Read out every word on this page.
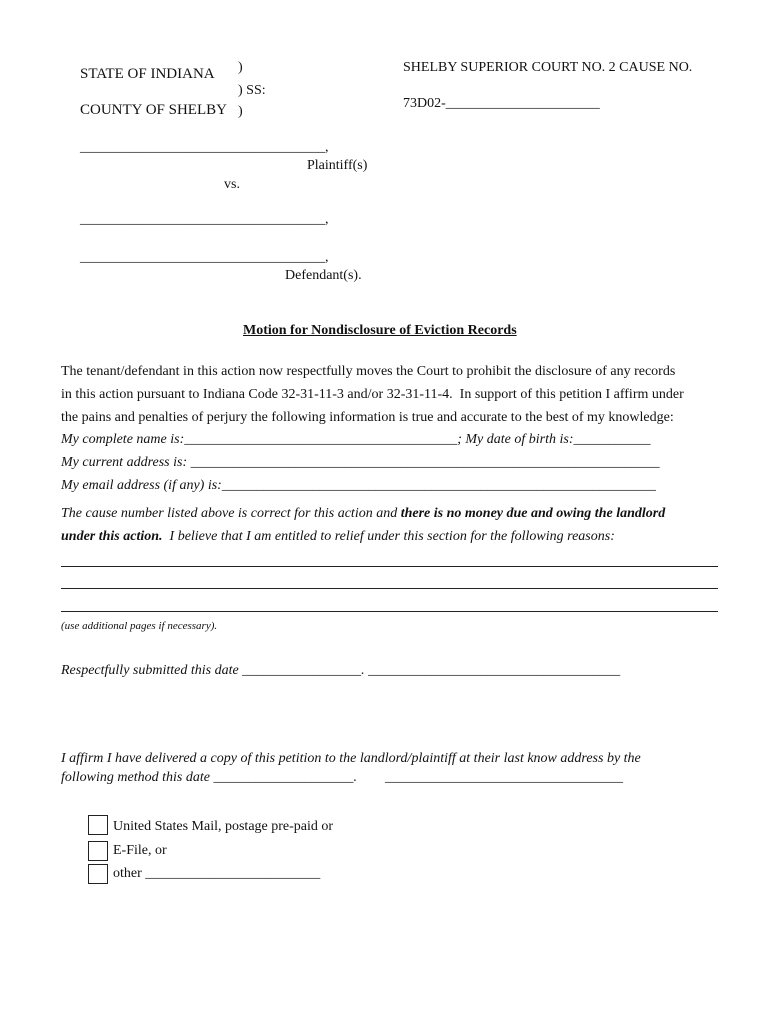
STATE OF INDIANA
COUNTY OF SHELBY
)
) SS:
)
SHELBY SUPERIOR COURT NO. 2 CAUSE NO.
73D02-______________________
___________________________________,
Plaintiff(s)
vs.
___________________________________,
___________________________________,
Defendant(s).
Motion for Nondisclosure of Eviction Records
The tenant/defendant in this action now respectfully moves the Court to prohibit the disclosure of any records
in this action pursuant to Indiana Code 32-31-11-3 and/or 32-31-11-4.  In support of this petition I affirm under
the pains and penalties of perjury the following information is true and accurate to the best of my knowledge:
My complete name is:_______________________________________; My date of birth is:___________
My current address is: ___________________________________________________________________
My email address (if any) is:______________________________________________________________
The cause number listed above is correct for this action and there is no money due and owing the landlord
under this action.  I believe that I am entitled to relief under this section for the following reasons:
(use additional pages if necessary).
Respectfully submitted this date _________________. ____________________________________
I affirm I have delivered a copy of this petition to the landlord/plaintiff at their last know address by the
following method this date ____________________.        __________________________________
United States Mail, postage pre-paid or
E-File, or
other _________________________
